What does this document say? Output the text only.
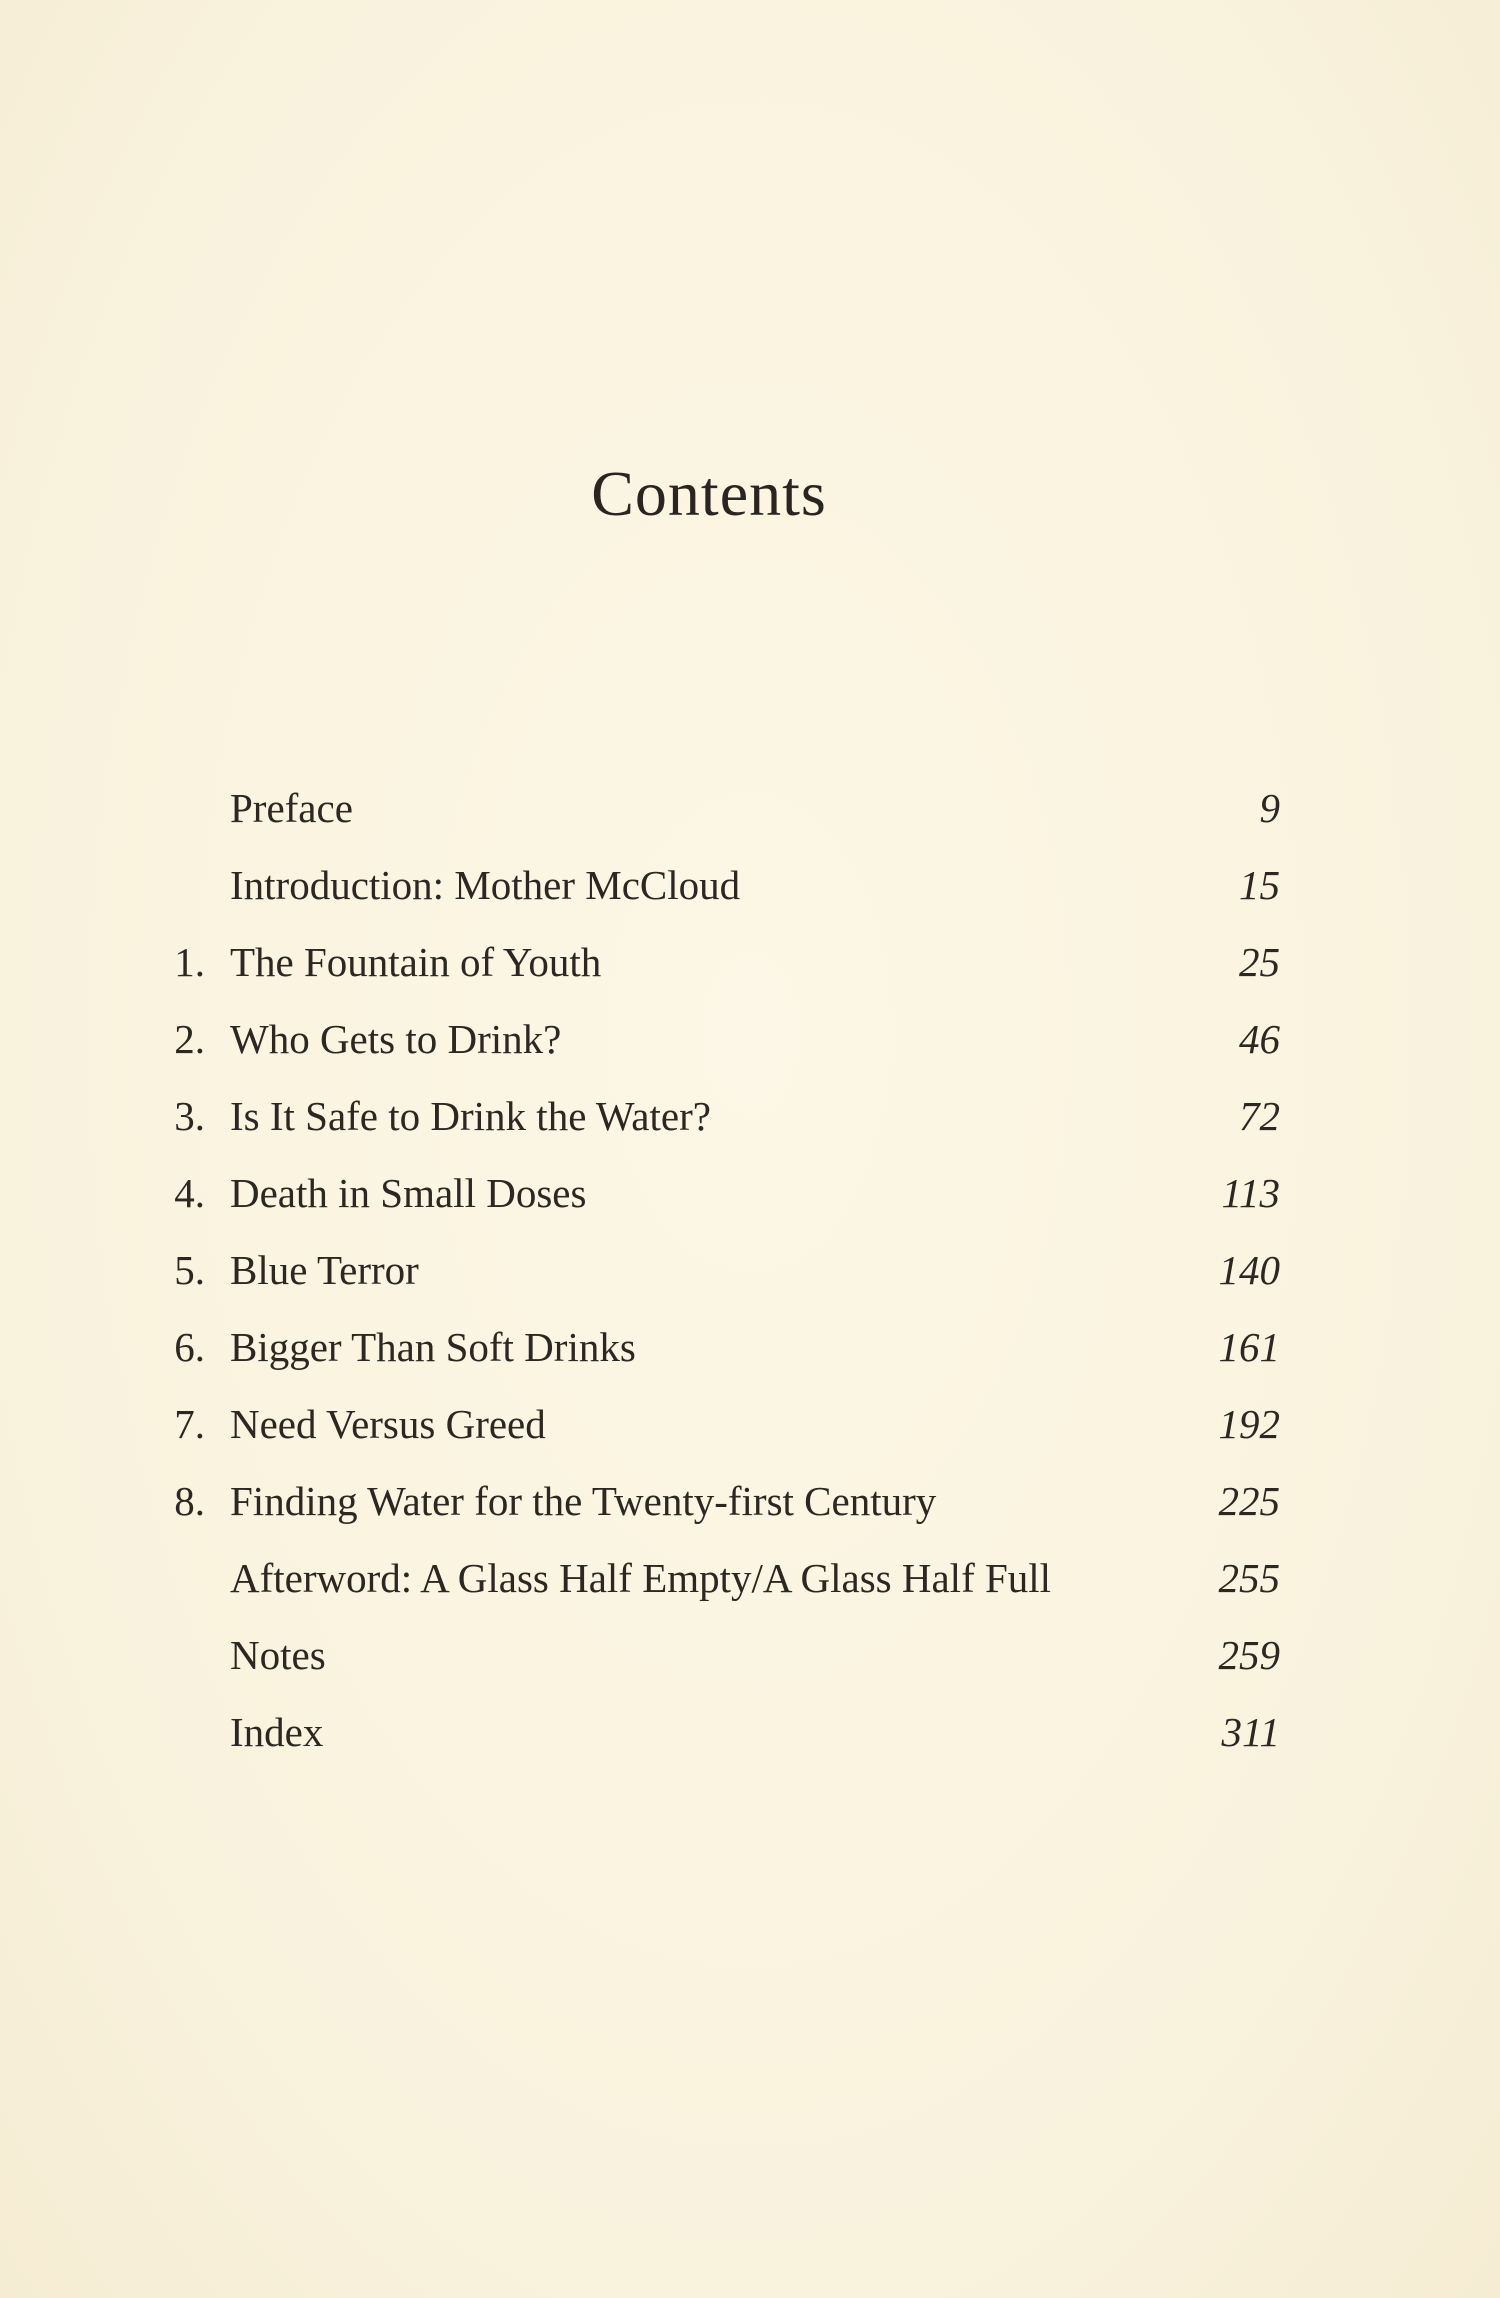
Contents
Preface	9
Introduction: Mother McCloud	15
1. The Fountain of Youth	25
2. Who Gets to Drink?	46
3. Is It Safe to Drink the Water?	72
4. Death in Small Doses	113
5. Blue Terror	140
6. Bigger Than Soft Drinks	161
7. Need Versus Greed	192
8. Finding Water for the Twenty-first Century	225
Afterword: A Glass Half Empty/A Glass Half Full	255
Notes	259
Index	311
